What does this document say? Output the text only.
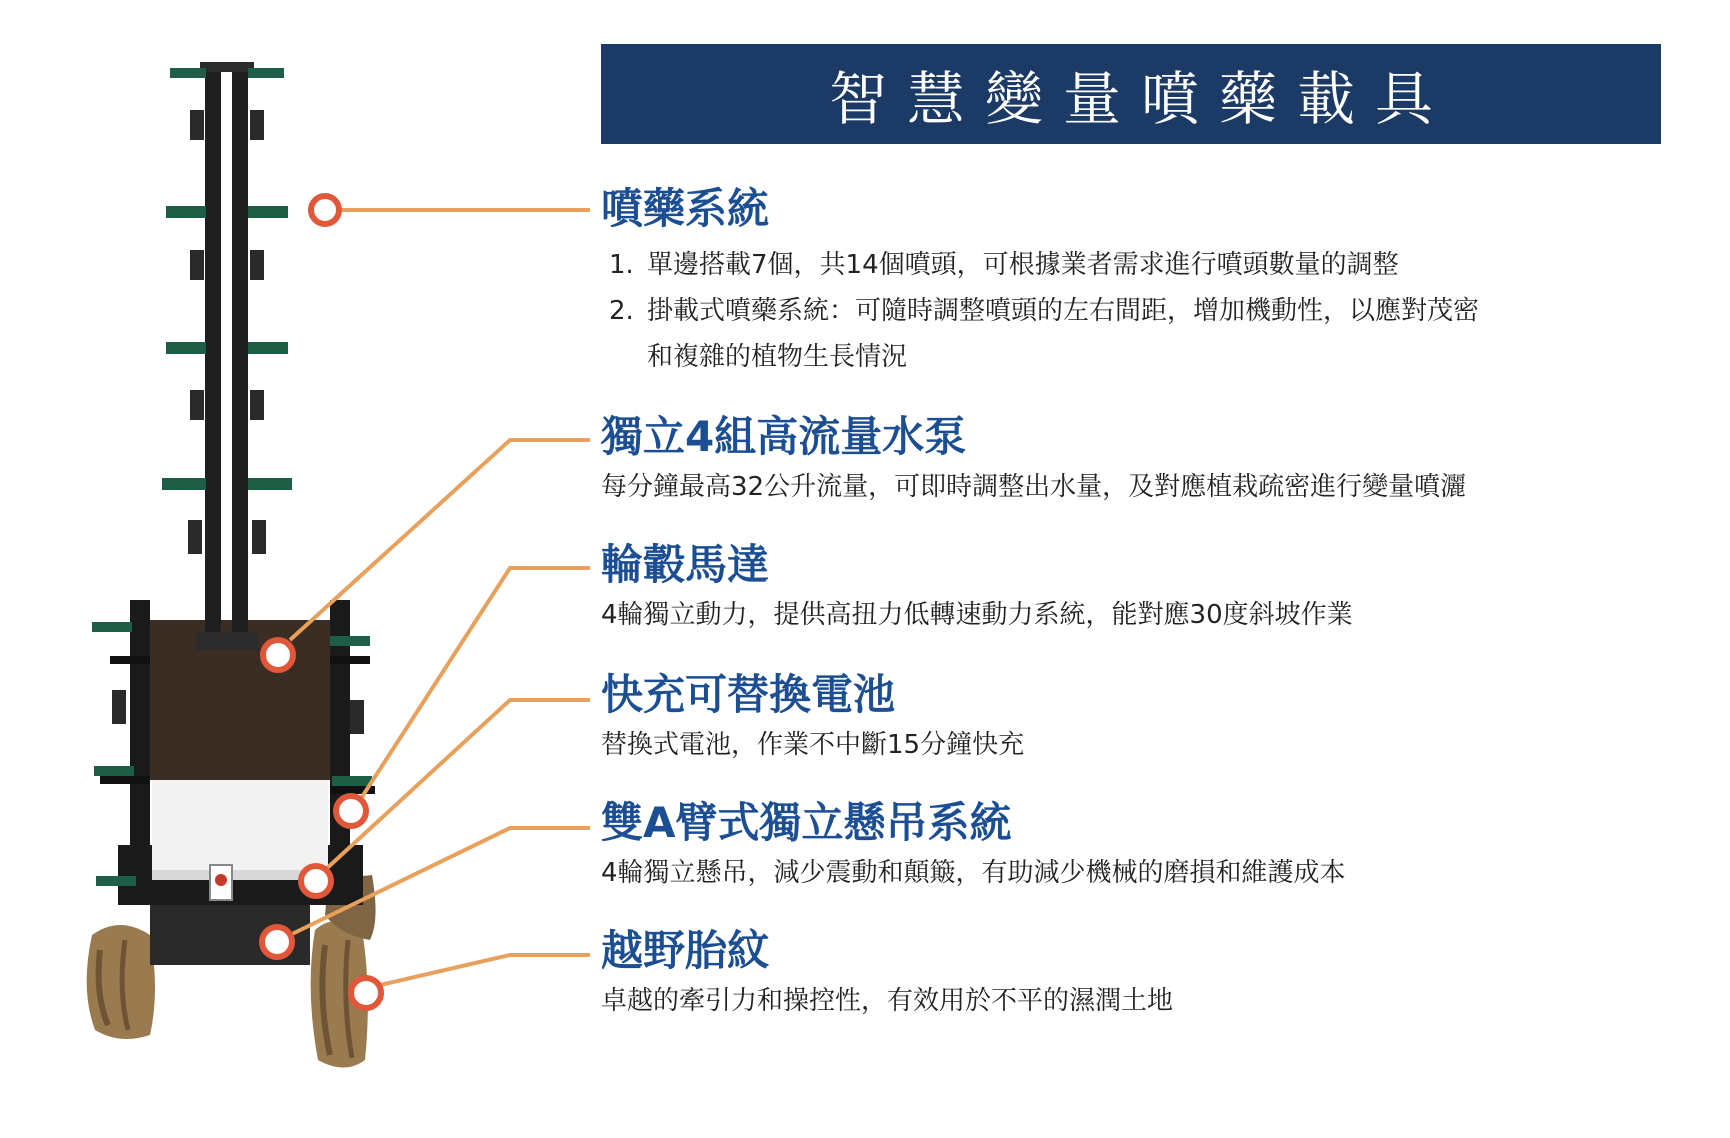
智慧變量噴藥載具
噴藥系統
1. 單邊搭載7個，共14個噴頭，可根據業者需求進行噴頭數量的調整
2. 掛載式噴藥系統：可隨時調整噴頭的左右間距，增加機動性，以應對茂密和複雜的植物生長情況
獨立4組高流量水泵

每分鐘最高32公升流量，可即時調整出水量，及對應植栽疏密進行變量噴灑

輪轂馬達

4輪獨立動力，提供高扭力低轉速動力系統，能對應30度斜坡作業

快充可替換電池

替換式電池，作業不中斷15分鐘快充

雙A臂式獨立懸吊系統

4輪獨立懸吊，減少震動和顛簸，有助減少機械的磨損和維護成本

越野胎紋

卓越的牽引力和操控性，有效用於不平的濕潤土地
